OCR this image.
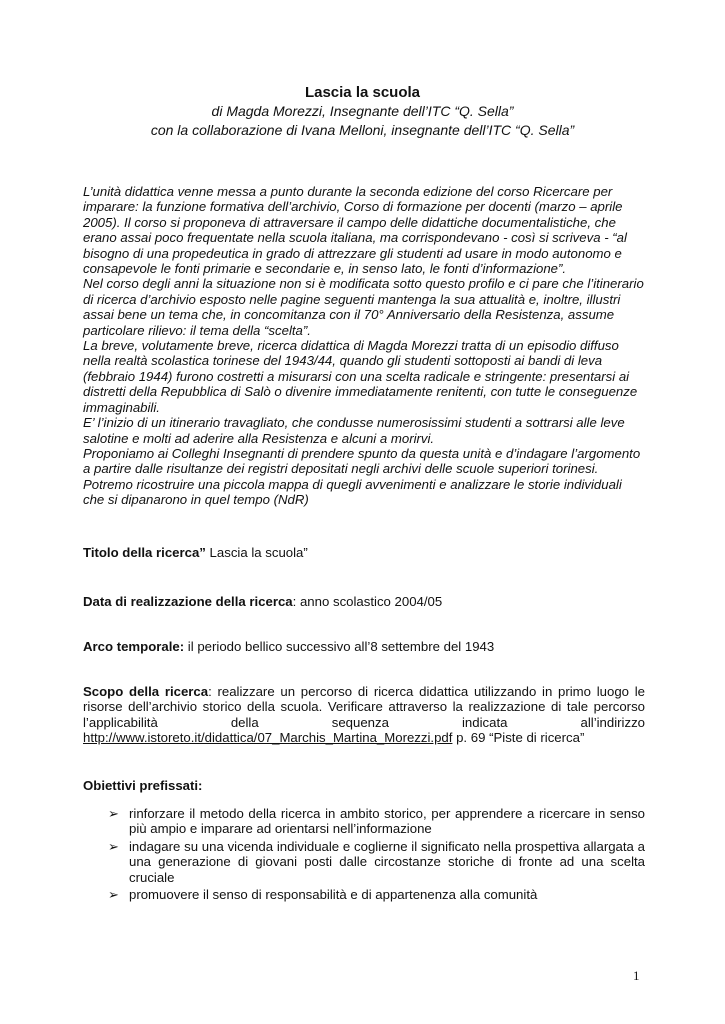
Lascia la scuola
di Magda Morezzi, Insegnante dell’ITC “Q. Sella”
con la collaborazione di Ivana Melloni, insegnante dell’ITC “Q. Sella”

L’unità didattica venne messa a punto durante la seconda edizione del corso Ricercare per imparare: la funzione formativa dell’archivio, Corso di formazione per docenti (marzo – aprile 2005). Il corso si proponeva di attraversare il campo delle didattiche documentalistiche, che erano assai poco frequentate nella scuola italiana, ma corrispondevano - così si scriveva - “al bisogno di una propedeutica in grado di attrezzare gli studenti ad usare in modo autonomo e consapevole le fonti primarie e secondarie e, in senso lato, le fonti d’informazione”.

Nel corso degli anni la situazione non si è modificata sotto questo profilo e ci pare che l’itinerario di ricerca d’archivio esposto nelle pagine seguenti mantenga la sua attualità e, inoltre, illustri assai bene un tema che, in concomitanza con il 70° Anniversario della Resistenza, assume particolare rilievo: il tema della “scelta”.

La breve, volutamente breve, ricerca didattica di Magda Morezzi tratta di un episodio diffuso nella realtà scolastica torinese del 1943/44, quando gli studenti sottoposti ai bandi di leva (febbraio 1944) furono costretti a misurarsi con una scelta radicale e stringente: presentarsi ai distretti della Repubblica di Salò o divenire immediatamente renitenti, con tutte le conseguenze immaginabili.

E’ l’inizio di un itinerario travagliato, che condusse numerosissimi studenti a sottrarsi alle leve salotine e molti ad aderire alla Resistenza e alcuni a morirvi.

Proponiamo ai Colleghi Insegnanti di prendere spunto da questa unità e d’indagare l’argomento a partire dalle risultanze dei registri depositati negli archivi delle scuole superiori torinesi. Potremo ricostruire una piccola mappa di quegli avvenimenti e analizzare le storie individuali che si dipanarono in quel tempo (NdR)

Titolo della ricerca” Lascia la scuola”
Data di realizzazione della ricerca: anno scolastico 2004/05
Arco temporale: il periodo bellico successivo all’8 settembre del 1943
Scopo della ricerca: realizzare un percorso di ricerca didattica utilizzando in primo luogo le risorse dell’archivio storico della scuola. Verificare attraverso la realizzazione di tale percorso l’applicabilità della sequenza indicata all’indirizzo http://www.istoreto.it/didattica/07_Marchis_Martina_Morezzi.pdf p. 69 “Piste di ricerca”
Obiettivi prefissati:
➢ rinforzare il metodo della ricerca in ambito storico, per apprendere a ricercare in senso più ampio e imparare ad orientarsi nell’informazione
➢ indagare su una vicenda individuale e coglierne il significato nella prospettiva allargata a una generazione di giovani posti dalle circostanze storiche di fronte ad una scelta cruciale
➢ promuovere il senso di responsabilità e di appartenenza alla comunità
1
